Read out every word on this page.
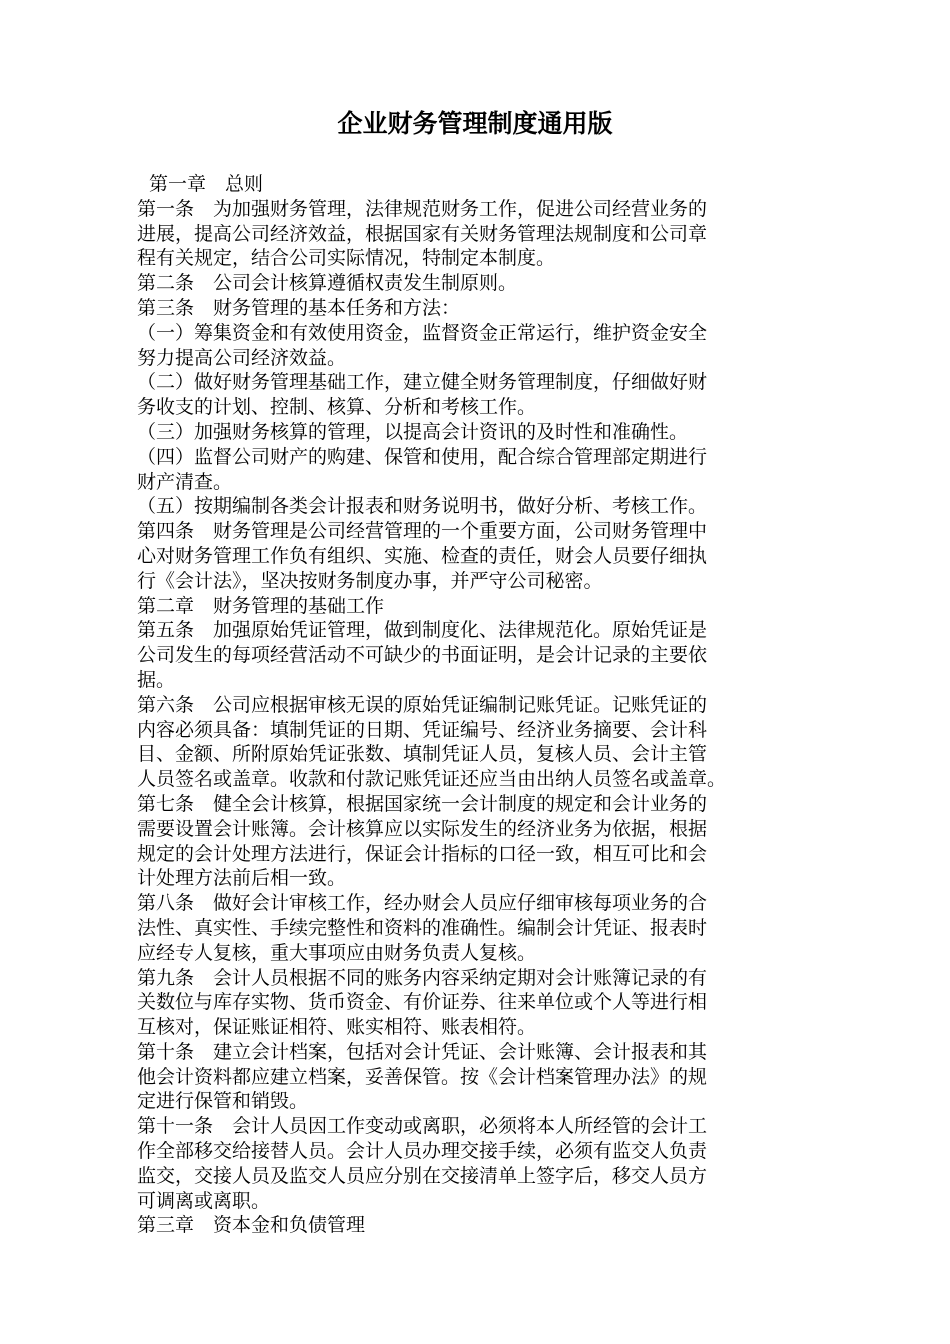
企业财务管理制度通用版
第一章　总则
第一条　为加强财务管理，法律规范财务工作，促进公司经营业务的
进展，提高公司经济效益，根据国家有关财务管理法规制度和公司章
程有关规定，结合公司实际情况，特制定本制度。
第二条　公司会计核算遵循权责发生制原则。
第三条　财务管理的基本任务和方法：
（一）筹集资金和有效使用资金，监督资金正常运行，维护资金安全
努力提高公司经济效益。
（二）做好财务管理基础工作，建立健全财务管理制度，仔细做好财
务收支的计划、控制、核算、分析和考核工作。
（三）加强财务核算的管理，以提高会计资讯的及时性和准确性。
（四）监督公司财产的购建、保管和使用，配合综合管理部定期进行
财产清查。
（五）按期编制各类会计报表和财务说明书，做好分析、考核工作。
第四条　财务管理是公司经营管理的一个重要方面，公司财务管理中
心对财务管理工作负有组织、实施、检查的责任，财会人员要仔细执
行《会计法》，坚决按财务制度办事，并严守公司秘密。
第二章　财务管理的基础工作
第五条　加强原始凭证管理，做到制度化、法律规范化。原始凭证是
公司发生的每项经营活动不可缺少的书面证明，是会计记录的主要依
据。
第六条　公司应根据审核无误的原始凭证编制记账凭证。记账凭证的
内容必须具备：填制凭证的日期、凭证编号、经济业务摘要、会计科
目、金额、所附原始凭证张数、填制凭证人员，复核人员、会计主管
人员签名或盖章。收款和付款记账凭证还应当由出纳人员签名或盖章。
第七条　健全会计核算，根据国家统一会计制度的规定和会计业务的
需要设置会计账簿。会计核算应以实际发生的经济业务为依据，根据
规定的会计处理方法进行，保证会计指标的口径一致，相互可比和会
计处理方法前后相一致。
第八条　做好会计审核工作，经办财会人员应仔细审核每项业务的合
法性、真实性、手续完整性和资料的准确性。编制会计凭证、报表时
应经专人复核，重大事项应由财务负责人复核。
第九条　会计人员根据不同的账务内容采纳定期对会计账簿记录的有
关数位与库存实物、货币资金、有价证券、往来单位或个人等进行相
互核对，保证账证相符、账实相符、账表相符。
第十条　建立会计档案，包括对会计凭证、会计账簿、会计报表和其
他会计资料都应建立档案，妥善保管。按《会计档案管理办法》的规
定进行保管和销毁。
第十一条　会计人员因工作变动或离职，必须将本人所经管的会计工
作全部移交给接替人员。会计人员办理交接手续，必须有监交人负责
监交，交接人员及监交人员应分别在交接清单上签字后，移交人员方
可调离或离职。
第三章　资本金和负债管理
